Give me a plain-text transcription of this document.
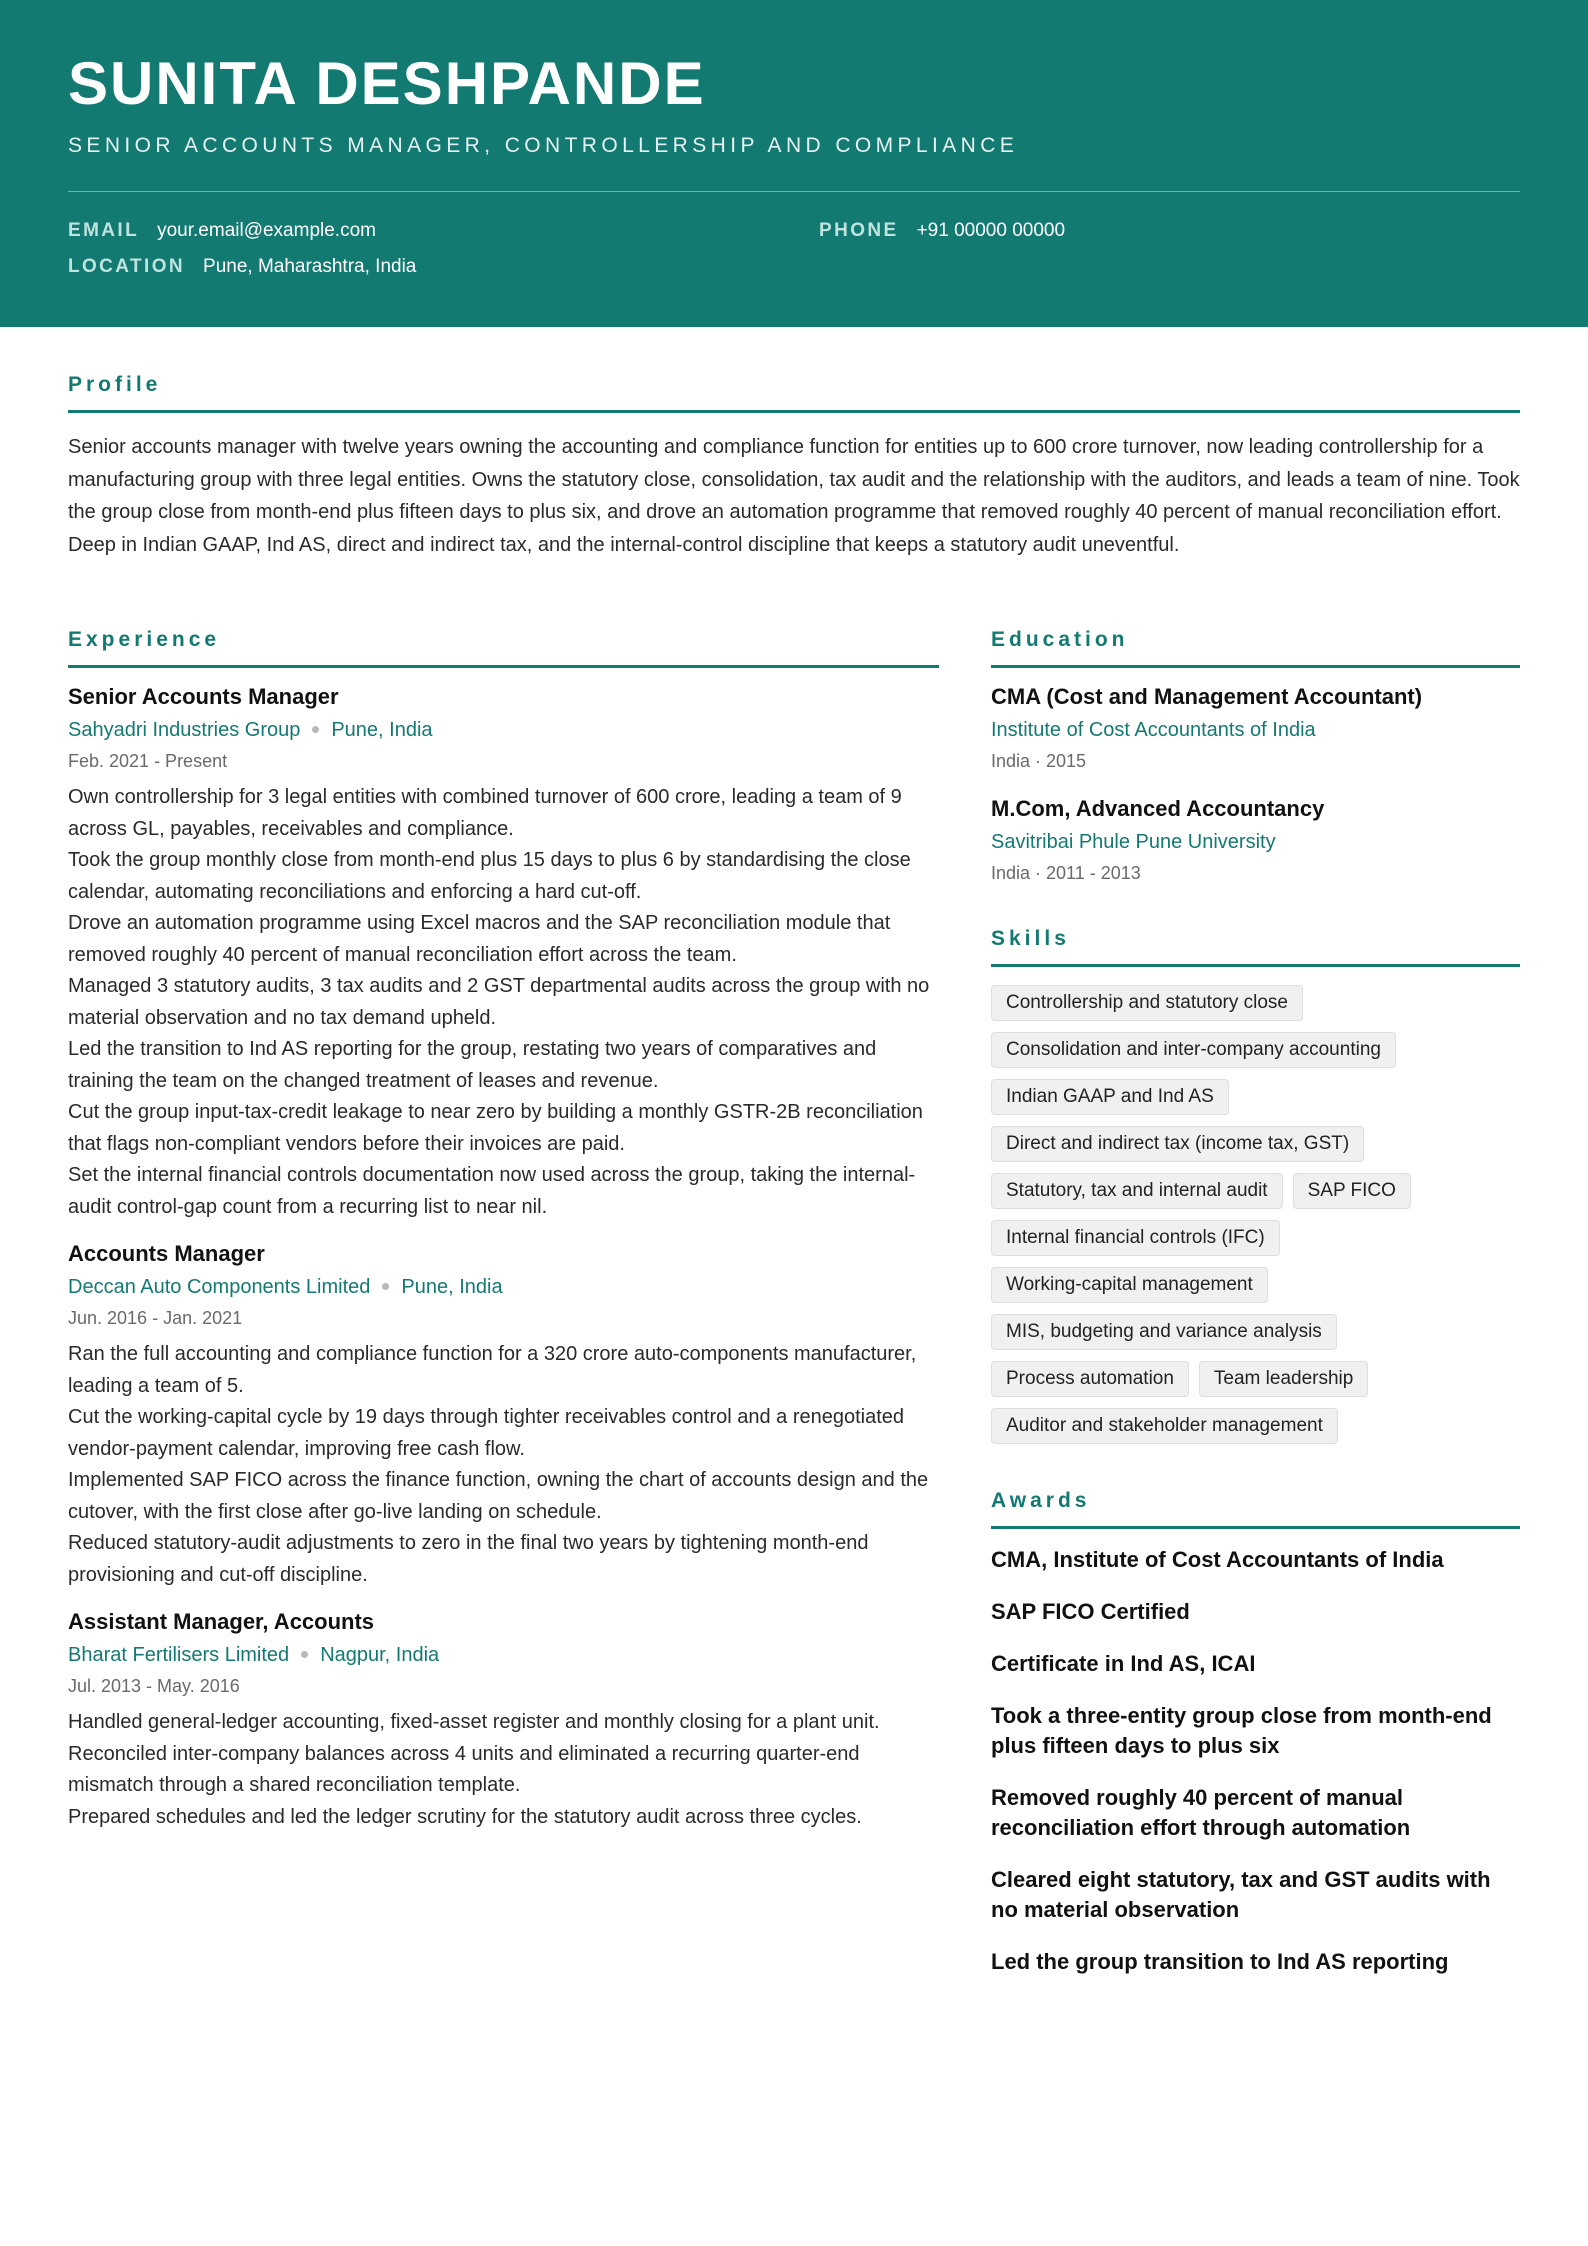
SUNITA DESHPANDE
SENIOR ACCOUNTS MANAGER, CONTROLLERSHIP AND COMPLIANCE
EMAIL your.email@example.com	PHONE +91 00000 00000
LOCATION Pune, Maharashtra, India
Profile

Senior accounts manager with twelve years owning the accounting and compliance function for entities up to 600 crore turnover, now leading controllership for a manufacturing group with three legal entities. Owns the statutory close, consolidation, tax audit and the relationship with the auditors, and leads a team of nine. Took the group close from month-end plus fifteen days to plus six, and drove an automation programme that removed roughly 40 percent of manual reconciliation effort. Deep in Indian GAAP, Ind AS, direct and indirect tax, and the internal-control discipline that keeps a statutory audit uneventful.

Experience
Senior Accounts Manager
Sahyadri Industries Group Pune, India
Feb. 2021 - Present
Own controllership for 3 legal entities with combined turnover of 600 crore, leading a team of 9 across GL, payables, receivables and compliance.
Took the group monthly close from month-end plus 15 days to plus 6 by standardising the close calendar, automating reconciliations and enforcing a hard cut-off.
Drove an automation programme using Excel macros and the SAP reconciliation module that removed roughly 40 percent of manual reconciliation effort across the team.
Managed 3 statutory audits, 3 tax audits and 2 GST departmental audits across the group with no material observation and no tax demand upheld.
Led the transition to Ind AS reporting for the group, restating two years of comparatives and training the team on the changed treatment of leases and revenue.
Cut the group input-tax-credit leakage to near zero by building a monthly GSTR-2B reconciliation that flags non-compliant vendors before their invoices are paid.
Set the internal financial controls documentation now used across the group, taking the internal-audit control-gap count from a recurring list to near nil.
Accounts Manager
Deccan Auto Components Limited Pune, India
Jun. 2016 - Jan. 2021
Ran the full accounting and compliance function for a 320 crore auto-components manufacturer, leading a team of 5.
Cut the working-capital cycle by 19 days through tighter receivables control and a renegotiated vendor-payment calendar, improving free cash flow.
Implemented SAP FICO across the finance function, owning the chart of accounts design and the cutover, with the first close after go-live landing on schedule.
Reduced statutory-audit adjustments to zero in the final two years by tightening month-end provisioning and cut-off discipline.
Assistant Manager, Accounts
Bharat Fertilisers Limited Nagpur, India
Jul. 2013 - May. 2016
Handled general-ledger accounting, fixed-asset register and monthly closing for a plant unit.
Reconciled inter-company balances across 4 units and eliminated a recurring quarter-end mismatch through a shared reconciliation template.
Prepared schedules and led the ledger scrutiny for the statutory audit across three cycles.
Education
CMA (Cost and Management Accountant)
Institute of Cost Accountants of India
India · 2015
M.Com, Advanced Accountancy
Savitribai Phule Pune University
India · 2011 - 2013
Skills
Controllership and statutory close
Consolidation and inter-company accounting
Indian GAAP and Ind AS
Direct and indirect tax (income tax, GST)
Statutory, tax and internal audit	SAP FICO
Internal financial controls (IFC)
Working-capital management
MIS, budgeting and variance analysis
Process automation	Team leadership
Auditor and stakeholder management
Awards
CMA, Institute of Cost Accountants of India
SAP FICO Certified
Certificate in Ind AS, ICAI
Took a three-entity group close from month-end plus fifteen days to plus six
Removed roughly 40 percent of manual reconciliation effort through automation
Cleared eight statutory, tax and GST audits with no material observation
Led the group transition to Ind AS reporting
